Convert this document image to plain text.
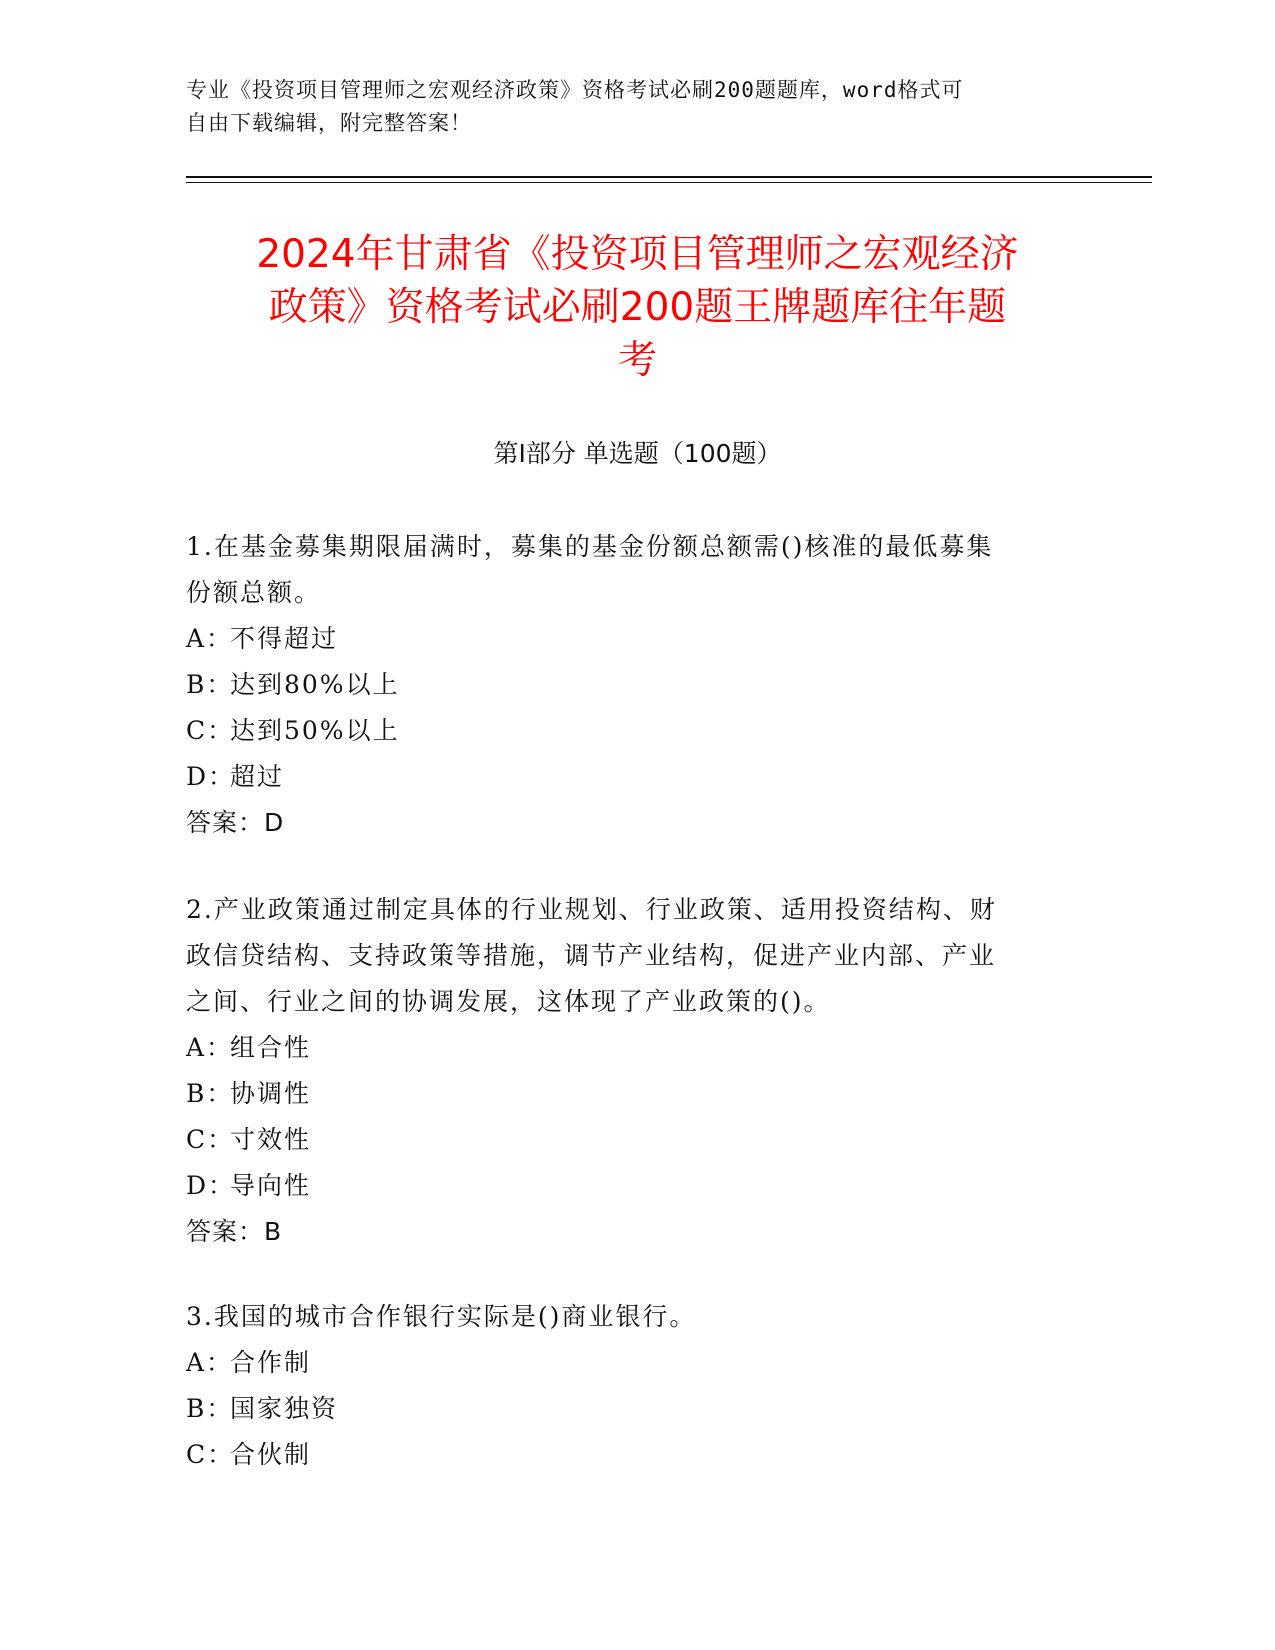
专业《投资项目管理师之宏观经济政策》资格考试必刷200题题库，word格式可
自由下载编辑，附完整答案！
2024年甘肃省《投资项目管理师之宏观经济
政策》资格考试必刷200题王牌题库往年题
考
第Ⅰ部分 单选题（100题）
1.在基金募集期限届满时，募集的基金份额总额需()核准的最低募集
份额总额。
A：不得超过
B：达到80%以上
C：达到50%以上
D：超过
答案：D
2.产业政策通过制定具体的行业规划、行业政策、适用投资结构、财
政信贷结构、支持政策等措施，调节产业结构，促进产业内部、产业
之间、行业之间的协调发展，这体现了产业政策的()。
A：组合性
B：协调性
C：寸效性
D：导向性
答案：B
3.我国的城市合作银行实际是()商业银行。
A：合作制
B：国家独资
C：合伙制
